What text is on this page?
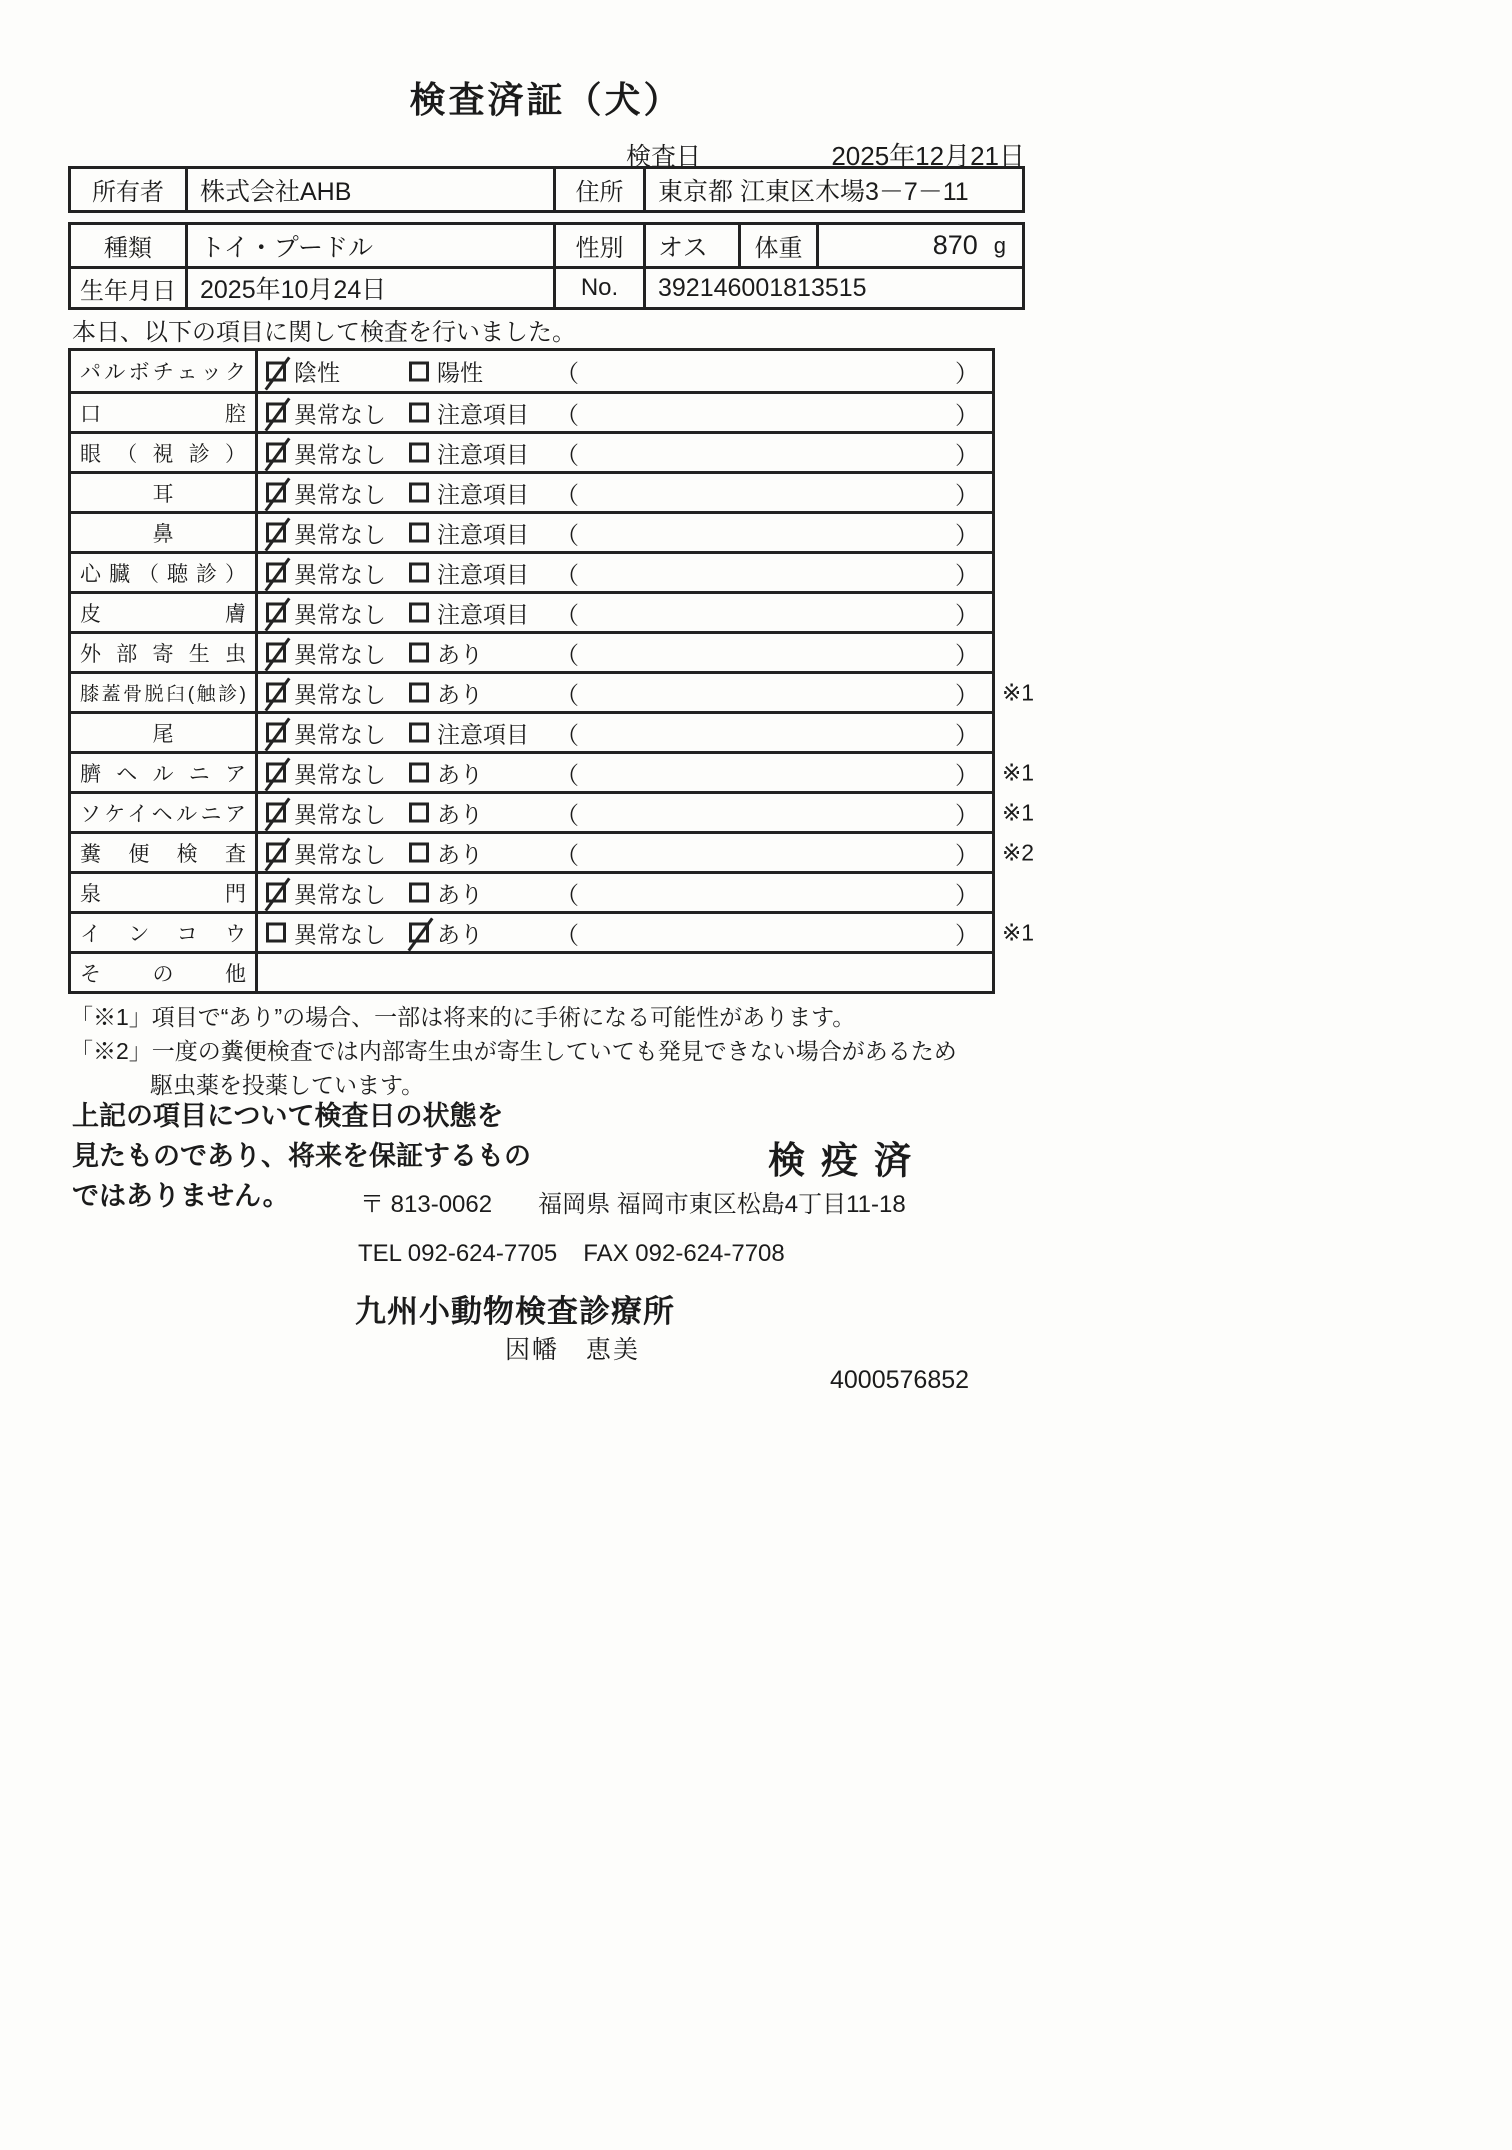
検査済証（犬）
検査日	2025年12月21日
所有者	株式会社AHB	住所	東京都 江東区木場3－7－11
種類	トイ・プードル	性別	オス	体重	870 g
生年月日 2025年10月24日	No.	392146001813515
本日、以下の項目に関して検査を行いました。
パルボチェック 陰性	陽性	（	）
口腔 異常なし 注意項目 （	）
眼（視診） 異常なし 注意項目 （	）
耳	異常なし 注意項目 （	）
鼻	異常なし 注意項目 （	）
心臓（聴診） 異常なし 注意項目 （	）
皮膚 異常なし 注意項目 （	）
外部寄生虫 異常なし あり	（	）
膝蓋骨脱臼(触診) 異常なし あり	（	） ※1
尾	異常なし 注意項目 （	）
臍ヘルニア 異常なし あり	（	） ※1
ソケイヘルニア 異常なし あり	（	） ※1
糞便検査 異常なし あり	（	） ※2
泉門 異常なし あり	（	）
インコウ 異常なし あり	（	） ※1
その他
「※1」項目で“あり”の場合、一部は将来的に手術になる可能性があります。
「※2」一度の糞便検査では内部寄生虫が寄生していても発見できない場合があるため
駆虫薬を投薬しています。
上記の項目について検査日の状態を
見たものであり、将来を保証するもの
ではありません。
検疫済
〒 813-0062 福岡県 福岡市東区松島4丁目11-18
TEL 092-624-7705 FAX 092-624-7708
九州小動物検査診療所
因幡　恵美
4000576852
